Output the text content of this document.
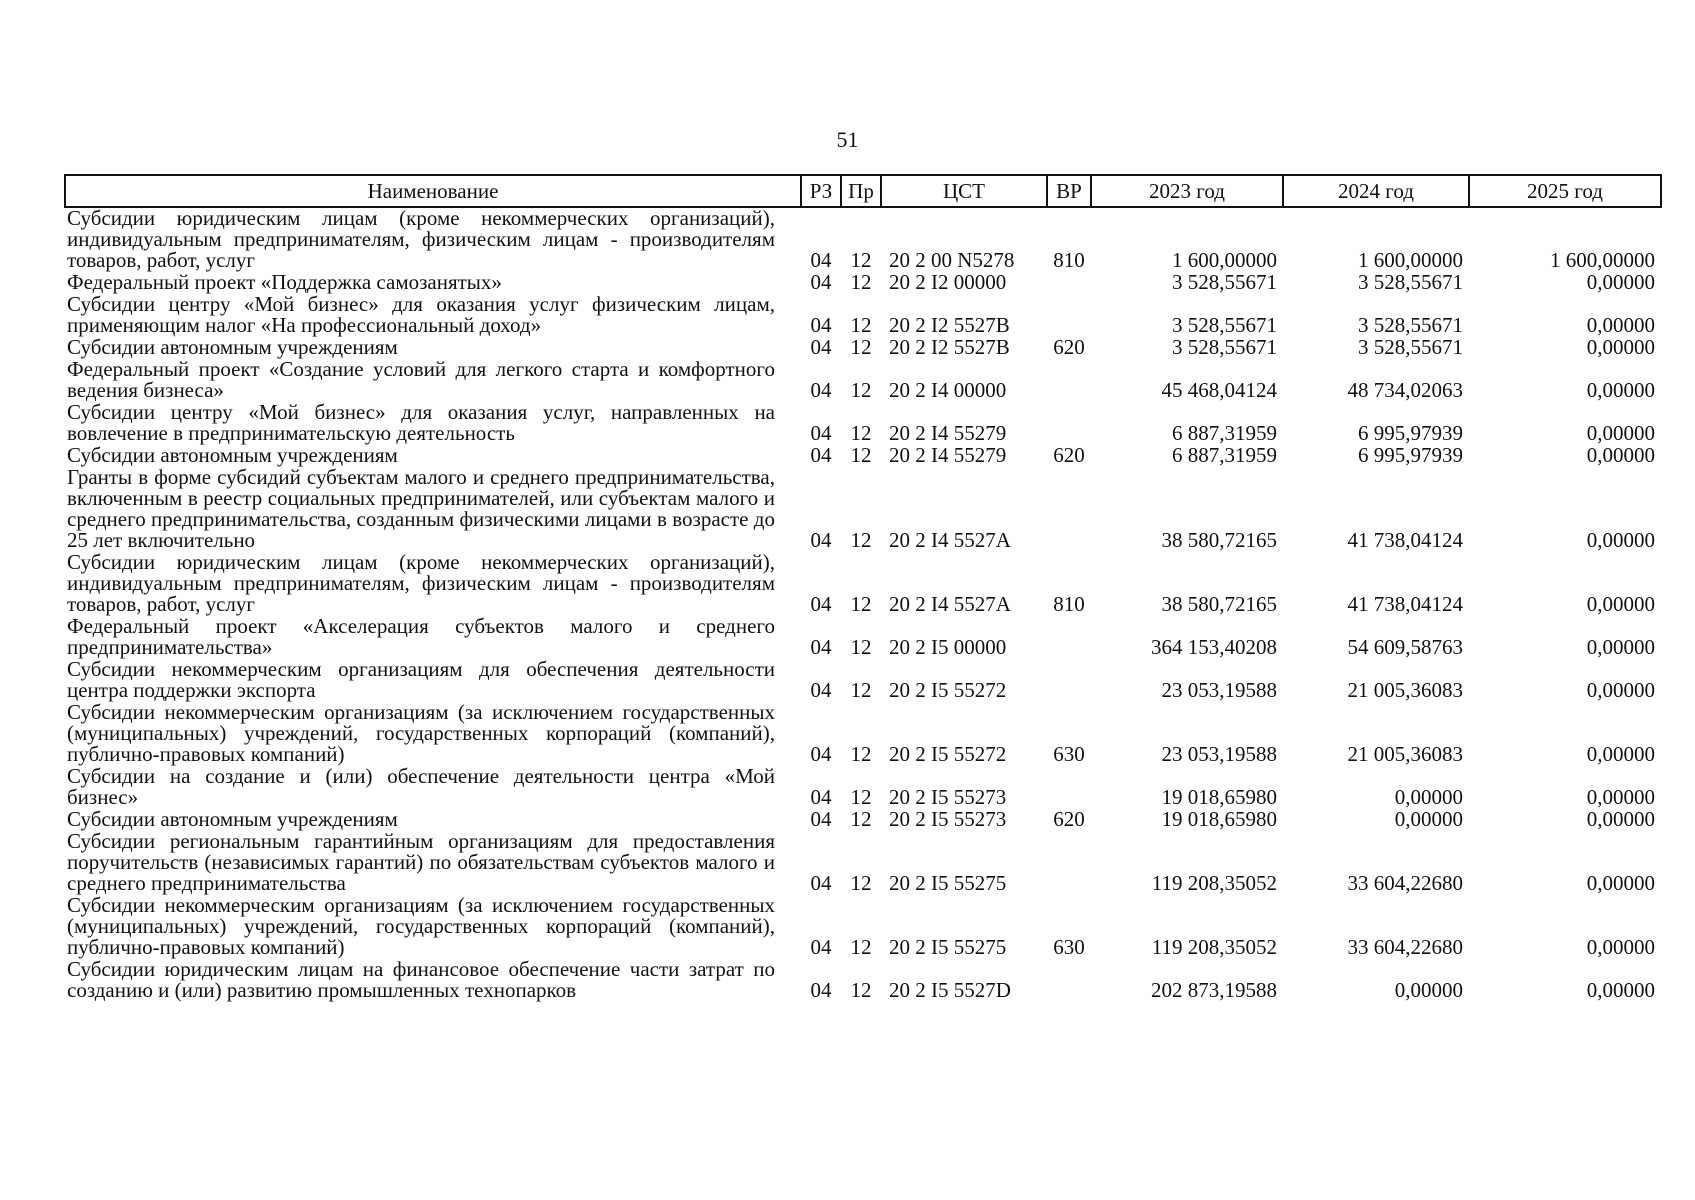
51
Наименование	РЗ	Пр	ЦСТ	ВР	2023 год	2024 год	2025 год
Субсидии юридическим лицам (кроме некоммерческих организаций), индивидуальным предпринимателям, физическим лицам - производителям товаров, работ, услуг	04	12	20 2 00 N5278	810	1 600,00000	1 600,00000	1 600,00000
Федеральный проект «Поддержка самозанятых»	04	12	20 2 I2 00000		3 528,55671	3 528,55671	0,00000
Субсидии центру «Мой бизнес» для оказания услуг физическим лицам, применяющим налог «На профессиональный доход»	04	12	20 2 I2 5527B		3 528,55671	3 528,55671	0,00000
Субсидии автономным учреждениям	04	12	20 2 I2 5527B	620	3 528,55671	3 528,55671	0,00000
Федеральный проект «Создание условий для легкого старта и комфортного ведения бизнеса»	04	12	20 2 I4 00000		45 468,04124	48 734,02063	0,00000
Субсидии центру «Мой бизнес» для оказания услуг, направленных на вовлечение в предпринимательскую деятельность	04	12	20 2 I4 55279		6 887,31959	6 995,97939	0,00000
Субсидии автономным учреждениям	04	12	20 2 I4 55279	620	6 887,31959	6 995,97939	0,00000
Гранты в форме субсидий субъектам малого и среднего предпринимательства, включенным в реестр социальных предпринимателей, или субъектам малого и среднего предпринимательства, созданным физическими лицами в возрасте до 25 лет включительно	04	12	20 2 I4 5527A		38 580,72165	41 738,04124	0,00000
Субсидии юридическим лицам (кроме некоммерческих организаций), индивидуальным предпринимателям, физическим лицам - производителям товаров, работ, услуг	04	12	20 2 I4 5527A	810	38 580,72165	41 738,04124	0,00000
Федеральный проект «Акселерация субъектов малого и среднего предпринимательства»	04	12	20 2 I5 00000		364 153,40208	54 609,58763	0,00000
Субсидии некоммерческим организациям для обеспечения деятельности центра поддержки экспорта	04	12	20 2 I5 55272		23 053,19588	21 005,36083	0,00000
Субсидии некоммерческим организациям (за исключением государственных (муниципальных) учреждений, государственных корпораций (компаний), публично-правовых компаний)	04	12	20 2 I5 55272	630	23 053,19588	21 005,36083	0,00000
Субсидии на создание и (или) обеспечение деятельности центра «Мой бизнес»	04	12	20 2 I5 55273		19 018,65980	0,00000	0,00000
Субсидии автономным учреждениям	04	12	20 2 I5 55273	620	19 018,65980	0,00000	0,00000
Субсидии региональным гарантийным организациям для предоставления поручительств (независимых гарантий) по обязательствам субъектов малого и среднего предпринимательства	04	12	20 2 I5 55275		119 208,35052	33 604,22680	0,00000
Субсидии некоммерческим организациям (за исключением государственных (муниципальных) учреждений, государственных корпораций (компаний), публично-правовых компаний)	04	12	20 2 I5 55275	630	119 208,35052	33 604,22680	0,00000
Субсидии юридическим лицам на финансовое обеспечение части затрат по созданию и (или) развитию промышленных технопарков	04	12	20 2 I5 5527D		202 873,19588	0,00000	0,00000
